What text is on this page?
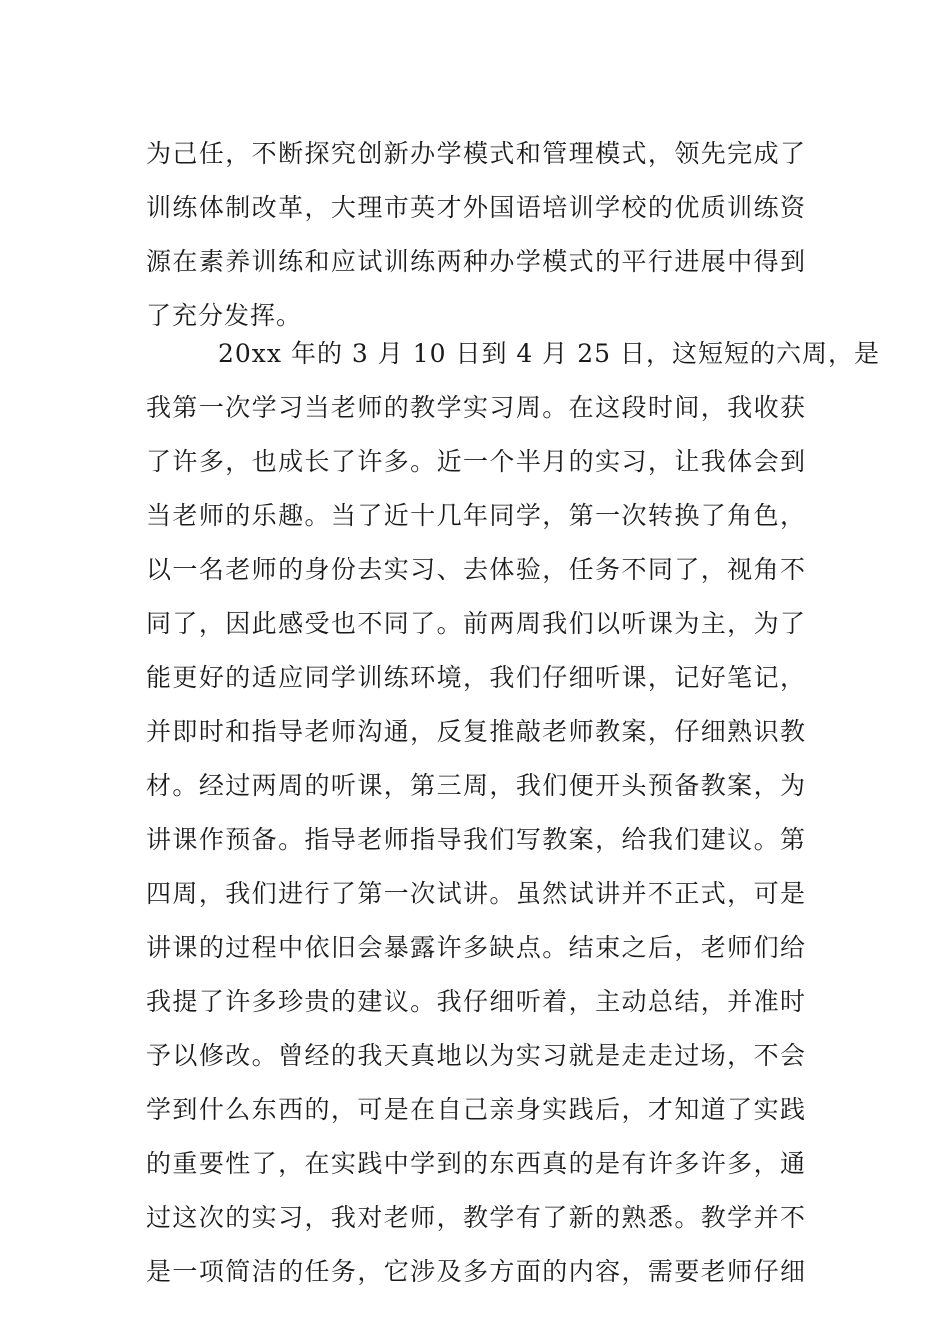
为己任，不断探究创新办学模式和管理模式，领先完成了
训练体制改革，大理市英才外国语培训学校的优质训练资
源在素养训练和应试训练两种办学模式的平行进展中得到
了充分发挥。
20xx 年的 3 月 10 日到 4 月 25 日，这短短的六周，是
我第一次学习当老师的教学实习周。在这段时间，我收获
了许多，也成长了许多。近一个半月的实习，让我体会到
当老师的乐趣。当了近十几年同学，第一次转换了角色，
以一名老师的身份去实习、去体验，任务不同了，视角不
同了，因此感受也不同了。前两周我们以听课为主，为了
能更好的适应同学训练环境，我们仔细听课，记好笔记，
并即时和指导老师沟通，反复推敲老师教案，仔细熟识教
材。经过两周的听课，第三周，我们便开头预备教案，为
讲课作预备。指导老师指导我们写教案，给我们建议。第
四周，我们进行了第一次试讲。虽然试讲并不正式，可是
讲课的过程中依旧会暴露许多缺点。结束之后，老师们给
我提了许多珍贵的建议。我仔细听着，主动总结，并准时
予以修改。曾经的我天真地以为实习就是走走过场，不会
学到什么东西的，可是在自己亲身实践后，才知道了实践
的重要性了，在实践中学到的东西真的是有许多许多，通
过这次的实习，我对老师，教学有了新的熟悉。教学并不
是一项简洁的任务，它涉及多方面的内容，需要老师仔细
